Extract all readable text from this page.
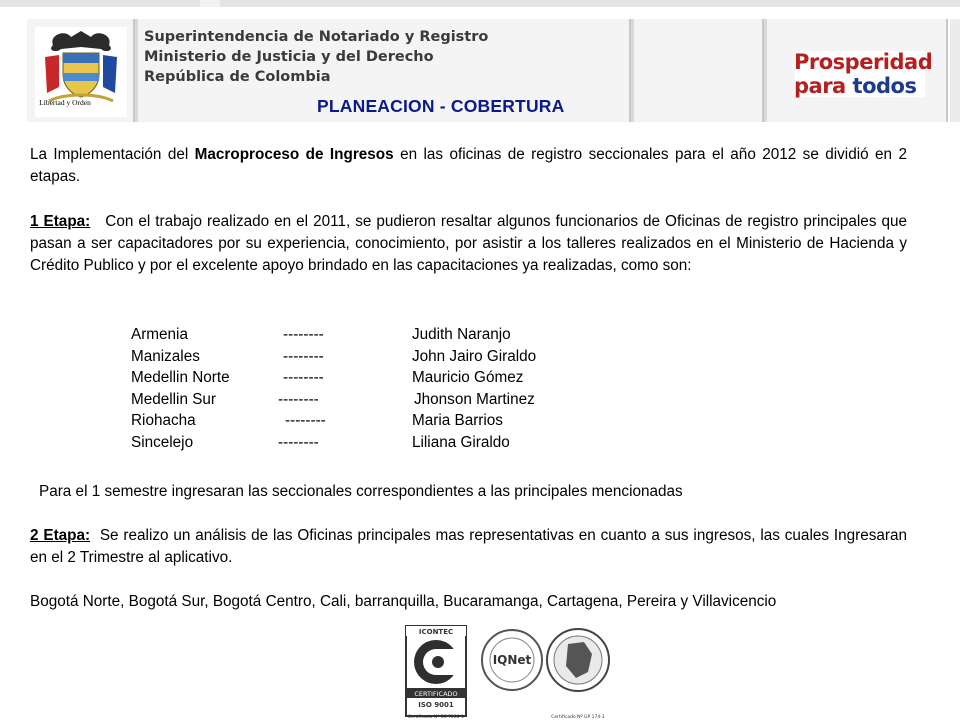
Libertad y Orden
Superintendencia de Notariado y Registro
Ministerio de Justicia y del Derecho
República de Colombia
Prosperidad
para todos
PLANEACION - COBERTURA
La Implementación del Macroproceso de Ingresos en las oficinas de registro seccionales para el año 2012 se dividió en 2 etapas.
1 Etapa: Con el trabajo realizado en el 2011, se pudieron resaltar algunos funcionarios de Oficinas de registro principales que pasan a ser capacitadores por su experiencia, conocimiento, por asistir a los talleres realizados en el Ministerio de Hacienda y Crédito Publico y por el excelente apoyo brindado en las capacitaciones ya realizadas, como son:
Armenia	--------	Judith Naranjo
Manizales	--------	John Jairo Giraldo
Medellin Norte	--------	Mauricio Gómez
Medellin Sur	--------	Jhonson Martinez
Riohacha	--------	Maria Barrios
Sincelejo	--------	Liliana Giraldo
Para el 1 semestre ingresaran las seccionales correspondientes a las principales mencionadas
2 Etapa: Se realizo un análisis de las Oficinas principales mas representativas en cuanto a sus ingresos, las cuales Ingresaran en el 2 Trimestre al aplicativo.
Bogotá Norte, Bogotá Sur, Bogotá Centro, Cali, barranquilla, Bucaramanga, Cartagena, Pereira y Villavicencio
ICONTEC
CERTIFICADO
ISO 9001
Certificado Nº SC 7280-1
IQNet
Certificado Nº GP 174-1
